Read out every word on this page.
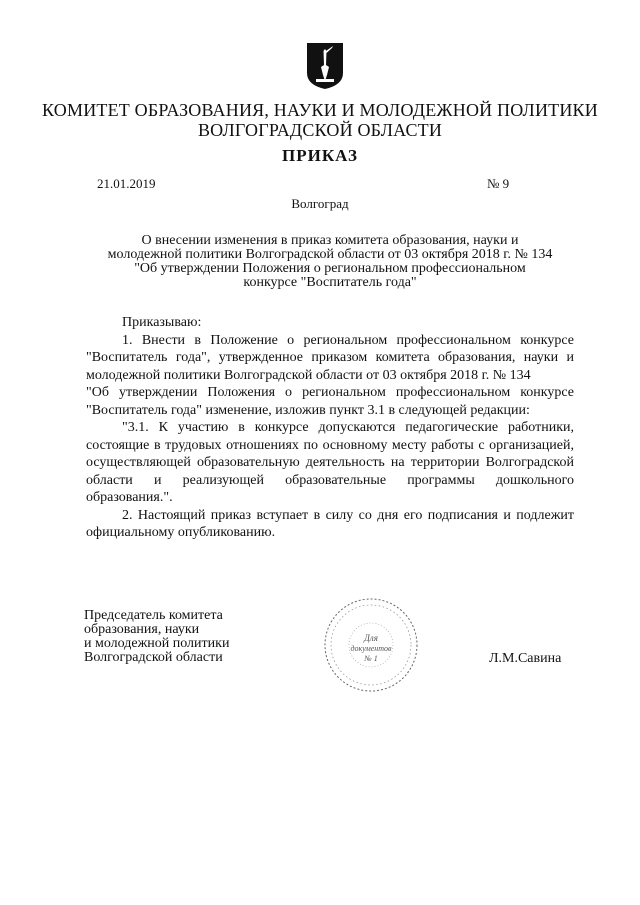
КОМИТЕТ ОБРАЗОВАНИЯ, НАУКИ И МОЛОДЕЖНОЙ ПОЛИТИКИ
ВОЛГОГРАДСКОЙ ОБЛАСТИ
ПРИКАЗ
21.01.2019	№ 9
Волгоград
О внесении изменения в приказ комитета образования, науки и
молодежной политики Волгоградской области от 03 октября 2018 г. № 134
"Об утверждении Положения о региональном профессиональном
конкурсе "Воспитатель года"

Приказываю:

1. Внести в Положение о региональном профессиональном конкурсе "Воспитатель года", утвержденное приказом комитета образования, науки и молодежной политики Волгоградской области от 03 октября 2018 г. № 134

"Об утверждении Положения о региональном профессиональном конкурсе "Воспитатель года" изменение, изложив пункт 3.1 в следующей редакции:

"3.1. К участию в конкурсе допускаются педагогические работники, состоящие в трудовых отношениях по основному месту работы с организацией, осуществляющей образовательную деятельность на территории Волгоградской области и реализующей образовательные программы дошкольного образования.".

2. Настоящий приказ вступает в силу со дня его подписания и подлежит официальному опубликованию.

Председатель комитета
образования, науки
и молодежной политики
Волгоградской области
Для
документов
№ 1	Л.М.Савина
